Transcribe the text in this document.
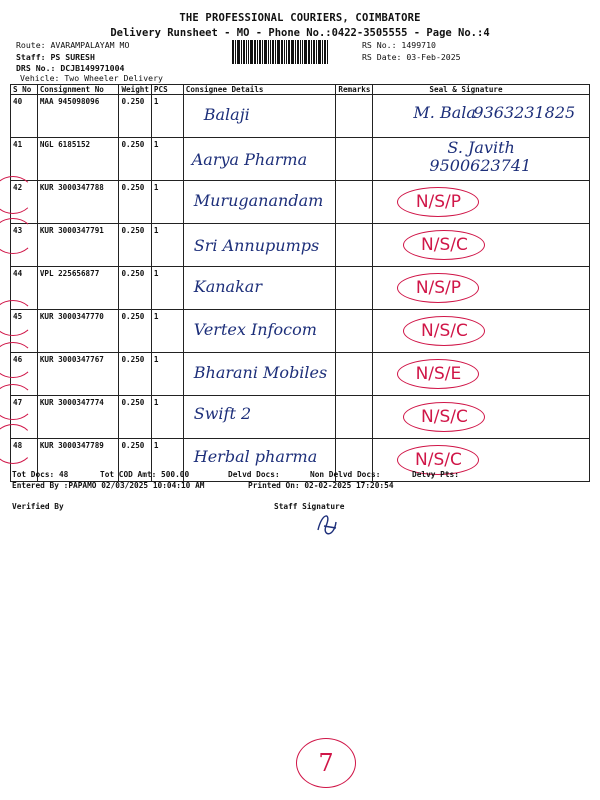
THE PROFESSIONAL COURIERS, COIMBATORE
Delivery Runsheet - MO - Phone No.:0422-3505555 - Page No.:4
Route: AVARAMPALAYAM MO
Staff: PS SURESH
DRS No.: DCJB149971004
Vehicle: Two Wheeler Delivery
RS No.: 1499710
RS Date: 03-Feb-2025
S No	Consignment No	Weight	PCS	Consignee Details	Remarks	Seal & Signature
40	MAA 945098096	0.250	1	Balaji		M. Bala
9363231825

41	NGL 6185152	0.250	1	Aarya Pharma		S. Javith
9500623741

42	KUR 3000347788	0.250	1	Muruganandam		N/S/P

43	KUR 3000347791	0.250	1	Sri Annupumps		N/S/C

44	VPL 225656877	0.250	1	Kanakar		N/S/P

45	KUR 3000347770	0.250	1	Vertex Infocom		N/S/C

46	KUR 3000347767	0.250	1	Bharani Mobiles		N/S/E

47	KUR 3000347774	0.250	1	Swift 2		N/S/C

48	KUR 3000347789	0.250	1	Herbal pharma		N/S/C
Tot Docs: 48	Tot COD Amt: 500.00	Delvd Docs:	Non Delvd Docs:	Delvy Pts:
Entered By :PAPAMO 02/03/2025 10:04:10 AM	Printed On: 02-02-2025 17:20:54
Verified By	Staff Signature
7
